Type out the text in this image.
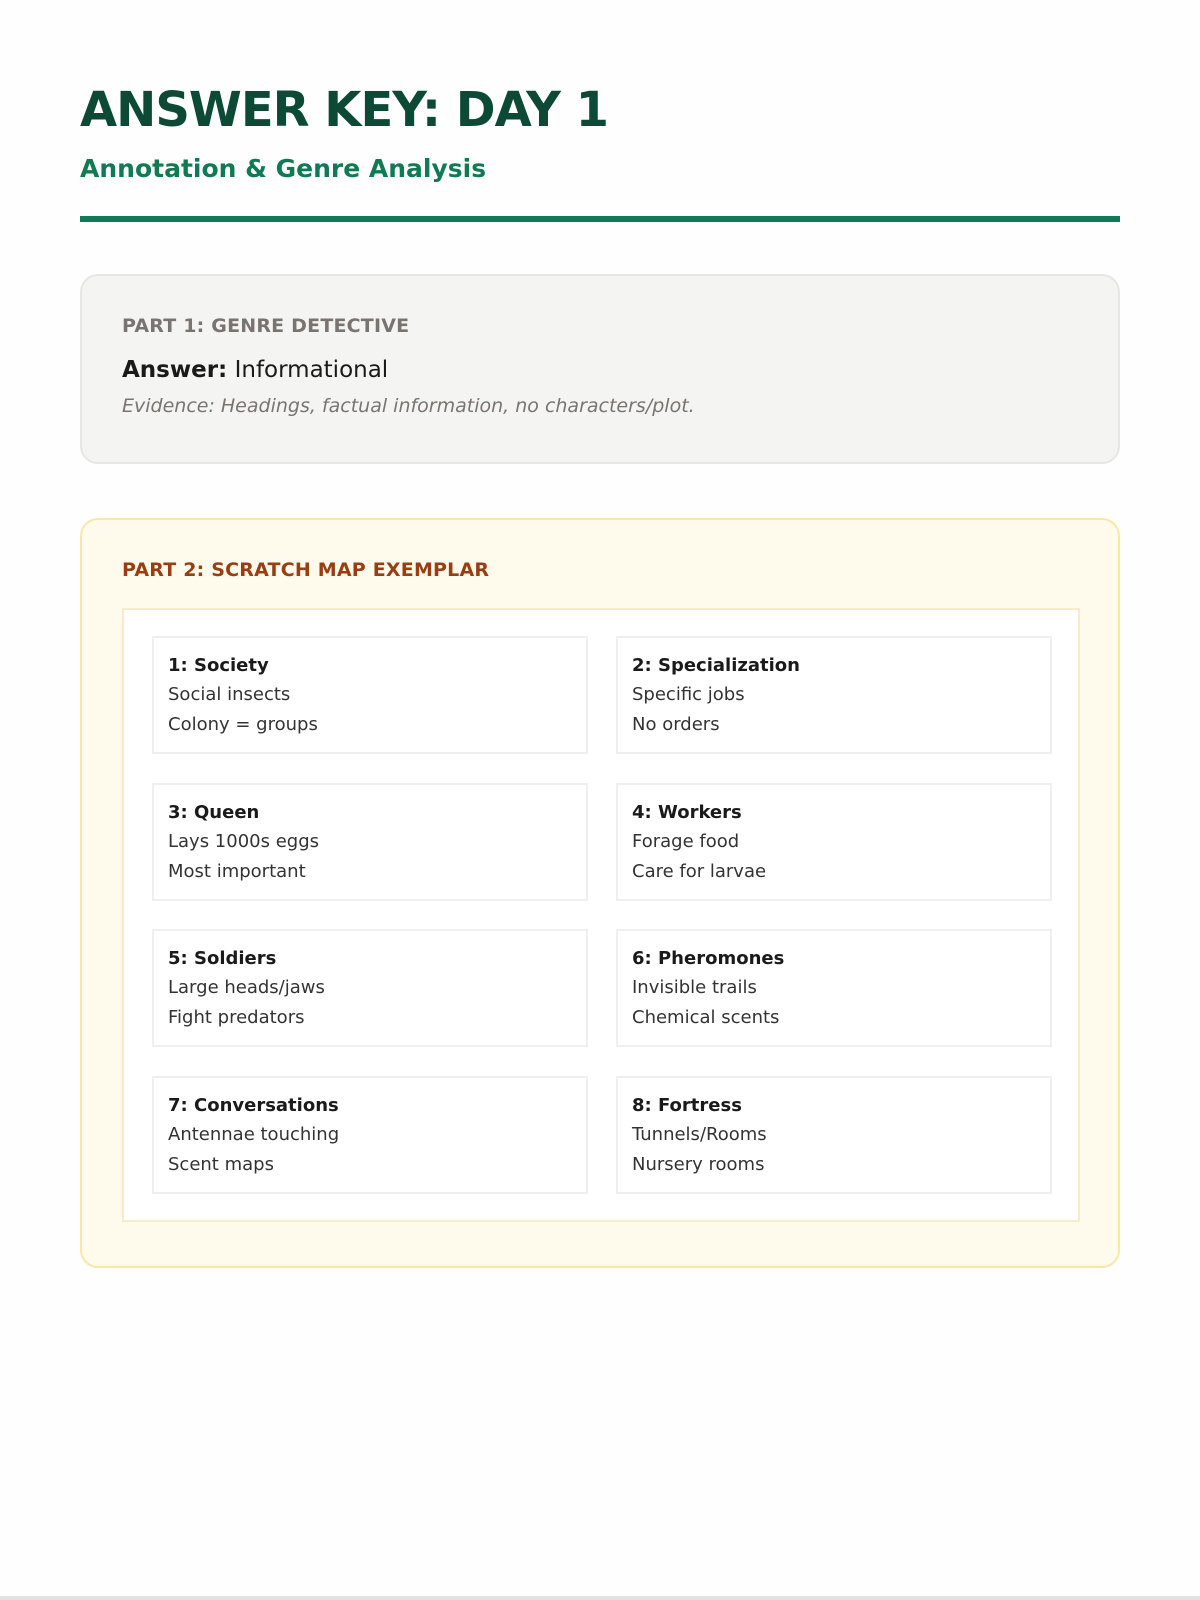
ANSWER KEY: DAY 1
Annotation & Genre Analysis
PART 1: GENRE DETECTIVE
Answer: Informational
Evidence: Headings, factual information, no characters/plot.
PART 2: SCRATCH MAP EXEMPLAR
1: Society
Social insects
Colony = groups
2: Specialization
Specific jobs
No orders
3: Queen
Lays 1000s eggs
Most important
4: Workers
Forage food
Care for larvae
5: Soldiers
Large heads/jaws
Fight predators
6: Pheromones
Invisible trails
Chemical scents
7: Conversations
Antennae touching
Scent maps
8: Fortress
Tunnels/Rooms
Nursery rooms
